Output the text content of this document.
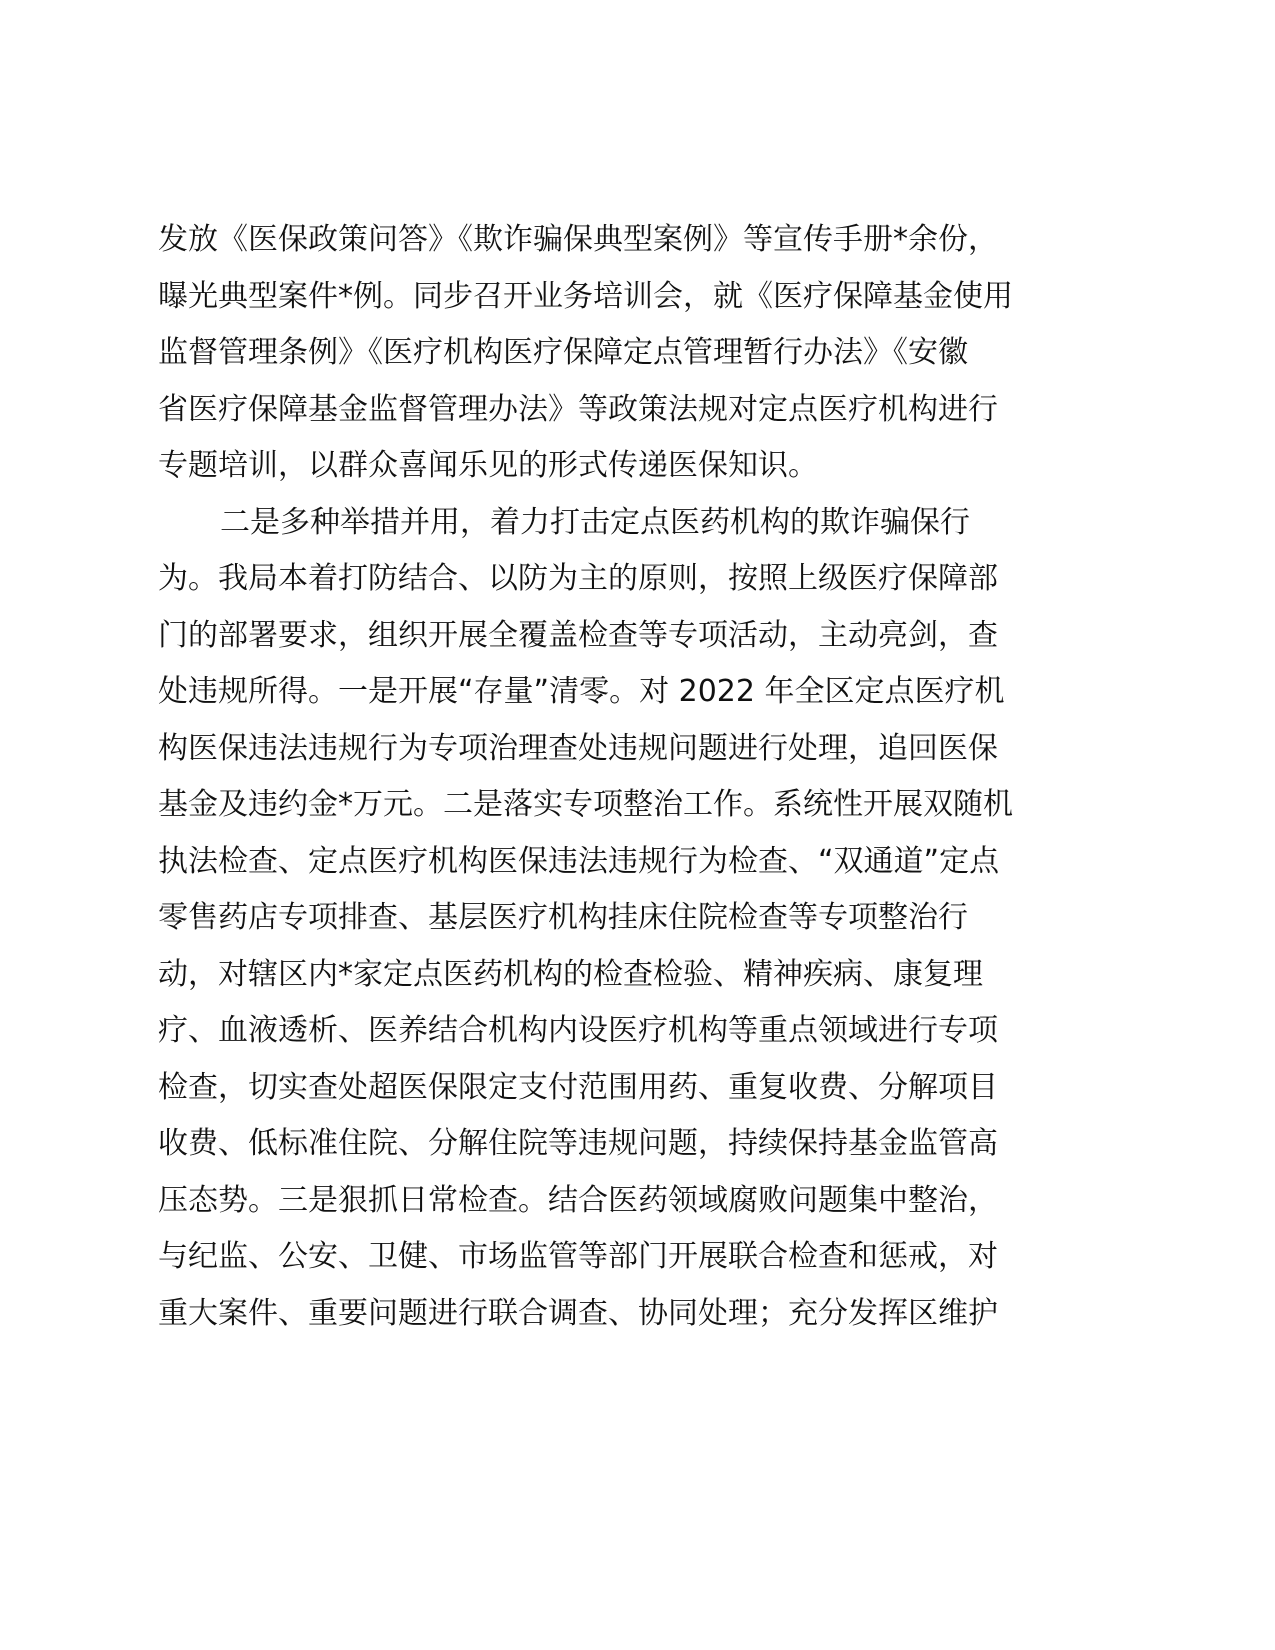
发放《医保政策问答》《欺诈骗保典型案例》等宣传手册*余份，
曝光典型案件*例。同步召开业务培训会，就《医疗保障基金使用
监督管理条例》《医疗机构医疗保障定点管理暂行办法》《安徽
省医疗保障基金监督管理办法》等政策法规对定点医疗机构进行
专题培训，以群众喜闻乐见的形式传递医保知识。
二是多种举措并用，着力打击定点医药机构的欺诈骗保行
为。我局本着打防结合、以防为主的原则，按照上级医疗保障部
门的部署要求，组织开展全覆盖检查等专项活动，主动亮剑，查
处违规所得。一是开展“存量”清零。对 2022 年全区定点医疗机
构医保违法违规行为专项治理查处违规问题进行处理，追回医保
基金及违约金*万元。二是落实专项整治工作。系统性开展双随机
执法检查、定点医疗机构医保违法违规行为检查、“双通道”定点
零售药店专项排查、基层医疗机构挂床住院检查等专项整治行
动，对辖区内*家定点医药机构的检查检验、精神疾病、康复理
疗、血液透析、医养结合机构内设医疗机构等重点领域进行专项
检查，切实查处超医保限定支付范围用药、重复收费、分解项目
收费、低标准住院、分解住院等违规问题，持续保持基金监管高
压态势。三是狠抓日常检查。结合医药领域腐败问题集中整治，
与纪监、公安、卫健、市场监管等部门开展联合检查和惩戒，对
重大案件、重要问题进行联合调查、协同处理；充分发挥区维护
